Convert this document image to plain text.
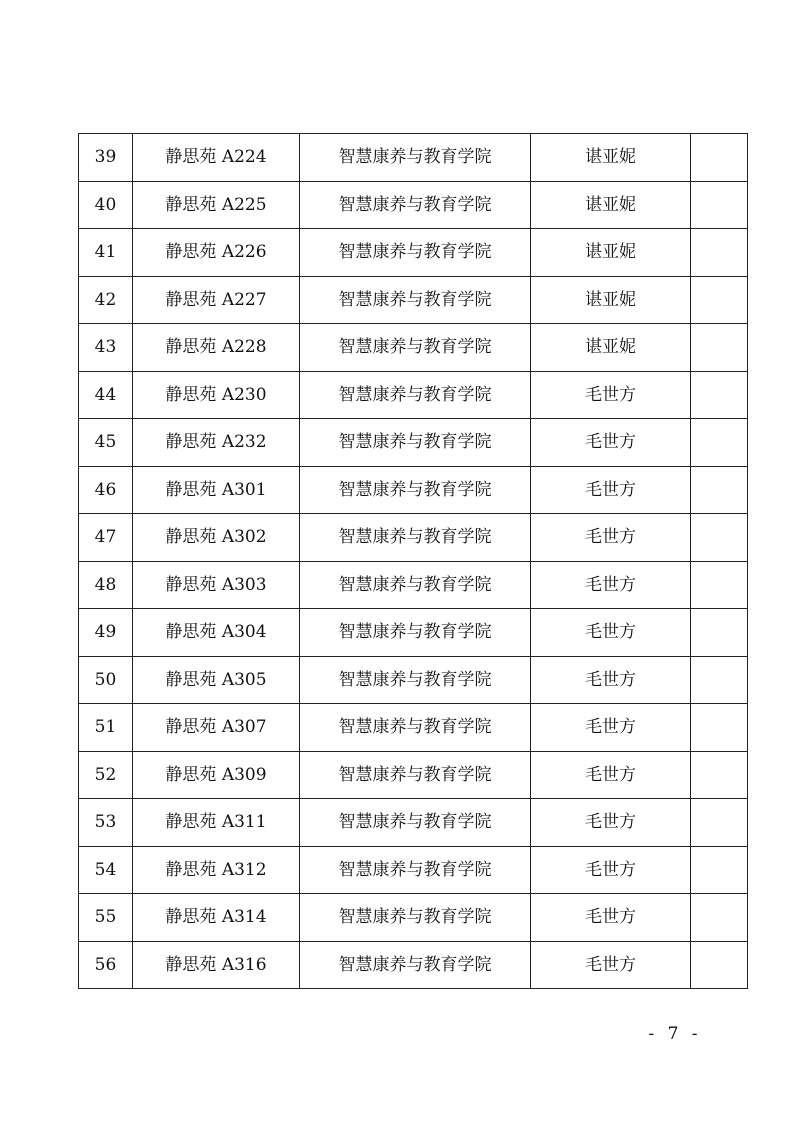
39	静思苑 A224	智慧康养与教育学院	谌亚妮	
40	静思苑 A225	智慧康养与教育学院	谌亚妮	
41	静思苑 A226	智慧康养与教育学院	谌亚妮	
42	静思苑 A227	智慧康养与教育学院	谌亚妮	
43	静思苑 A228	智慧康养与教育学院	谌亚妮	
44	静思苑 A230	智慧康养与教育学院	毛世方	
45	静思苑 A232	智慧康养与教育学院	毛世方	
46	静思苑 A301	智慧康养与教育学院	毛世方	
47	静思苑 A302	智慧康养与教育学院	毛世方	
48	静思苑 A303	智慧康养与教育学院	毛世方	
49	静思苑 A304	智慧康养与教育学院	毛世方	
50	静思苑 A305	智慧康养与教育学院	毛世方	
51	静思苑 A307	智慧康养与教育学院	毛世方	
52	静思苑 A309	智慧康养与教育学院	毛世方	
53	静思苑 A311	智慧康养与教育学院	毛世方	
54	静思苑 A312	智慧康养与教育学院	毛世方	
55	静思苑 A314	智慧康养与教育学院	毛世方	
56	静思苑 A316	智慧康养与教育学院	毛世方	
- 7 -
